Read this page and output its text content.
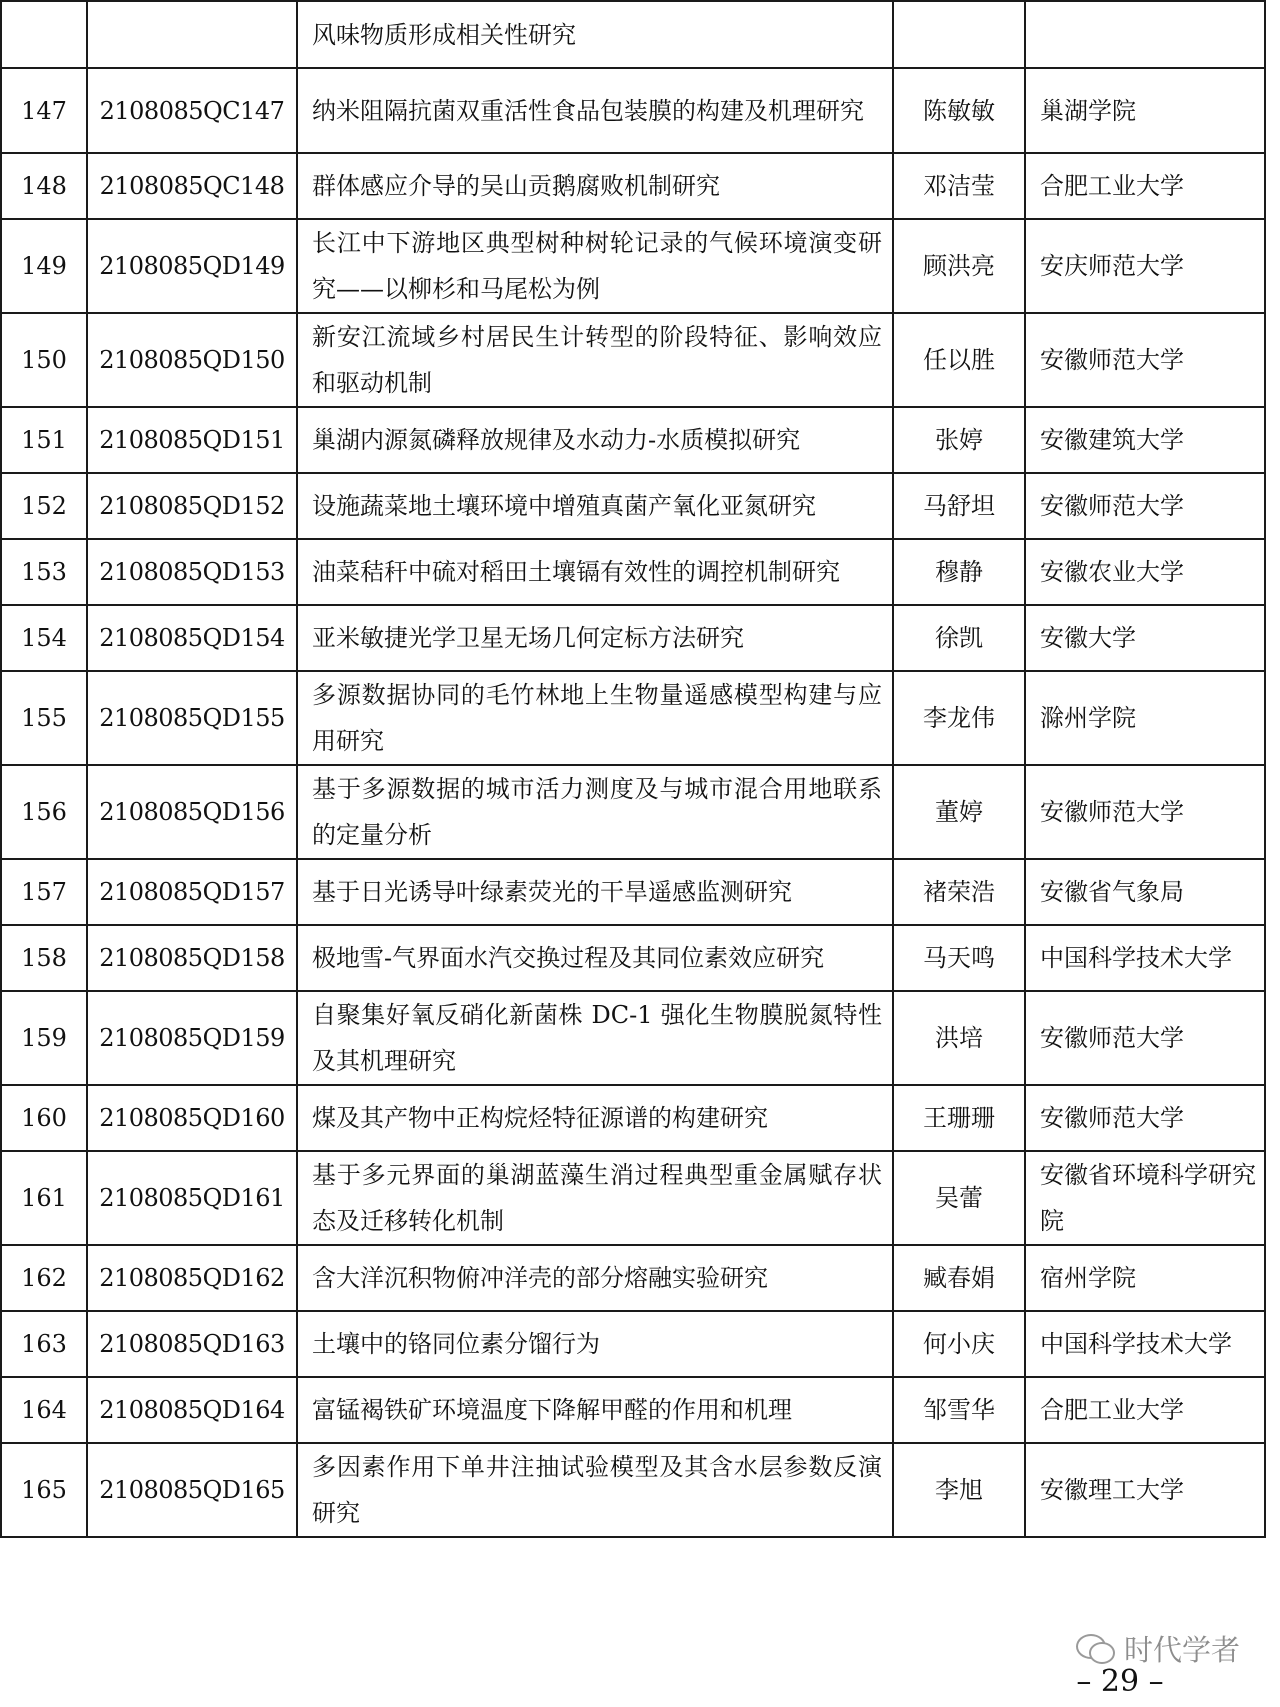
		风味物质形成相关性研究		
147	2108085QC147	纳米阻隔抗菌双重活性食品包装膜的构建及机理研究	陈敏敏	巢湖学院
148	2108085QC148	群体感应介导的吴山贡鹅腐败机制研究	邓洁莹	合肥工业大学
149	2108085QD149	长江中下游地区典型树种树轮记录的气候环境演变研究——以柳杉和马尾松为例	顾洪亮	安庆师范大学
150	2108085QD150	新安江流域乡村居民生计转型的阶段特征、影响效应和驱动机制	任以胜	安徽师范大学
151	2108085QD151	巢湖内源氮磷释放规律及水动力-水质模拟研究	张婷	安徽建筑大学
152	2108085QD152	设施蔬菜地土壤环境中增殖真菌产氧化亚氮研究	马舒坦	安徽师范大学
153	2108085QD153	油菜秸秆中硫对稻田土壤镉有效性的调控机制研究	穆静	安徽农业大学
154	2108085QD154	亚米敏捷光学卫星无场几何定标方法研究	徐凯	安徽大学
155	2108085QD155	多源数据协同的毛竹林地上生物量遥感模型构建与应用研究	李龙伟	滁州学院
156	2108085QD156	基于多源数据的城市活力测度及与城市混合用地联系的定量分析	董婷	安徽师范大学
157	2108085QD157	基于日光诱导叶绿素荧光的干旱遥感监测研究	褚荣浩	安徽省气象局
158	2108085QD158	极地雪-气界面水汽交换过程及其同位素效应研究	马天鸣	中国科学技术大学
159	2108085QD159	自聚集好氧反硝化新菌株 DC-1 强化生物膜脱氮特性及其机理研究	洪培	安徽师范大学
160	2108085QD160	煤及其产物中正构烷烃特征源谱的构建研究	王珊珊	安徽师范大学
161	2108085QD161	基于多元界面的巢湖蓝藻生消过程典型重金属赋存状态及迁移转化机制	吴蕾	安徽省环境科学研究院
162	2108085QD162	含大洋沉积物俯冲洋壳的部分熔融实验研究	臧春娟	宿州学院
163	2108085QD163	土壤中的铬同位素分馏行为	何小庆	中国科学技术大学
164	2108085QD164	富锰褐铁矿环境温度下降解甲醛的作用和机理	邹雪华	合肥工业大学
165	2108085QD165	多因素作用下单井注抽试验模型及其含水层参数反演研究	李旭	安徽理工大学
时代学者
– 29 –
